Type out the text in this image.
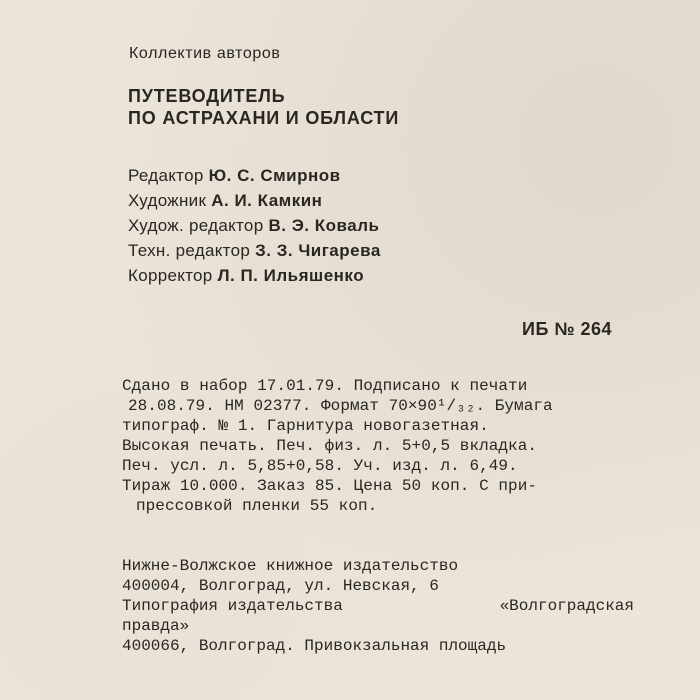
Коллектив авторов
ПУТЕВОДИТЕЛЬ
ПО АСТРАХАНИ И ОБЛАСТИ
Редактор Ю. С. Смирнов
Художник А. И. Камкин
Худож. редактор В. Э. Коваль
Техн. редактор З. З. Чигарева
Корректор Л. П. Ильяшенко
ИБ № 264
Сдано в набор 17.01.79. Подписано к печати
28.08.79. НМ 02377. Формат 70×90¹/₃₂. Бумага
типограф. № 1. Гарнитура новогазетная.
Высокая печать. Печ. физ. л. 5+0,5 вкладка.
Печ. усл. л. 5,85+0,58. Уч. изд. л. 6,49.
Тираж 10.000. Заказ 85. Цена 50 коп. С при-
прессовкой пленки 55 коп.
Нижне-Волжское книжное издательство
400004, Волгоград, ул. Невская, 6
Типография издательства	«Волгоградская
правда»
400066, Волгоград. Привокзальная площадь
